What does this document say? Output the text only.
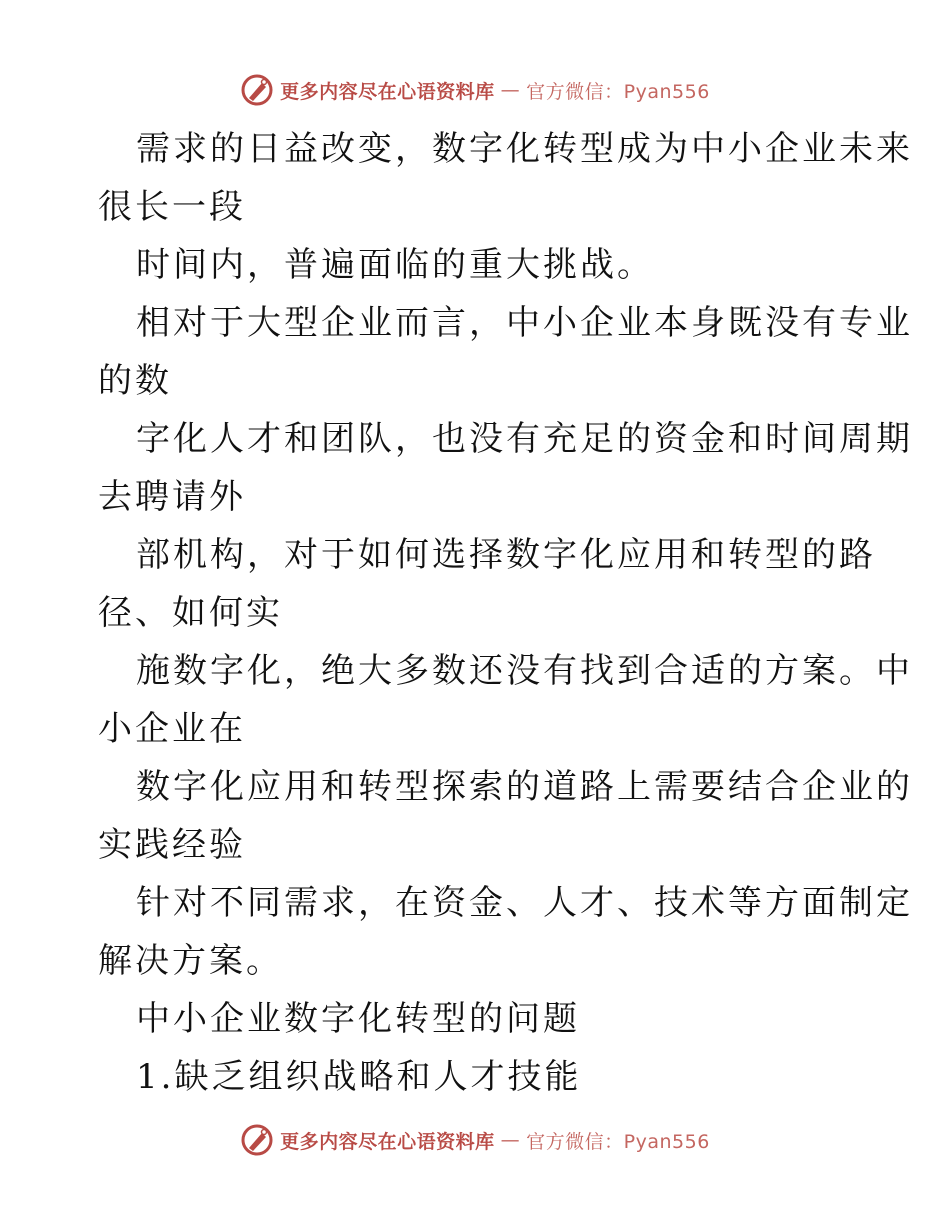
更多内容尽在心语资料库 — 官方微信：Pyan556

需求的日益改变，数字化转型成为中小企业未来
很长一段
时间内，普遍面临的重大挑战。
相对于大型企业而言，中小企业本身既没有专业
的数
字化人才和团队，也没有充足的资金和时间周期
去聘请外
部机构，对于如何选择数字化应用和转型的路
径、如何实
施数字化，绝大多数还没有找到合适的方案。中
小企业在
数字化应用和转型探索的道路上需要结合企业的
实践经验
针对不同需求，在资金、人才、技术等方面制定
解决方案。
中小企业数字化转型的问题
1.缺乏组织战略和人才技能

更多内容尽在心语资料库 — 官方微信：Pyan556
